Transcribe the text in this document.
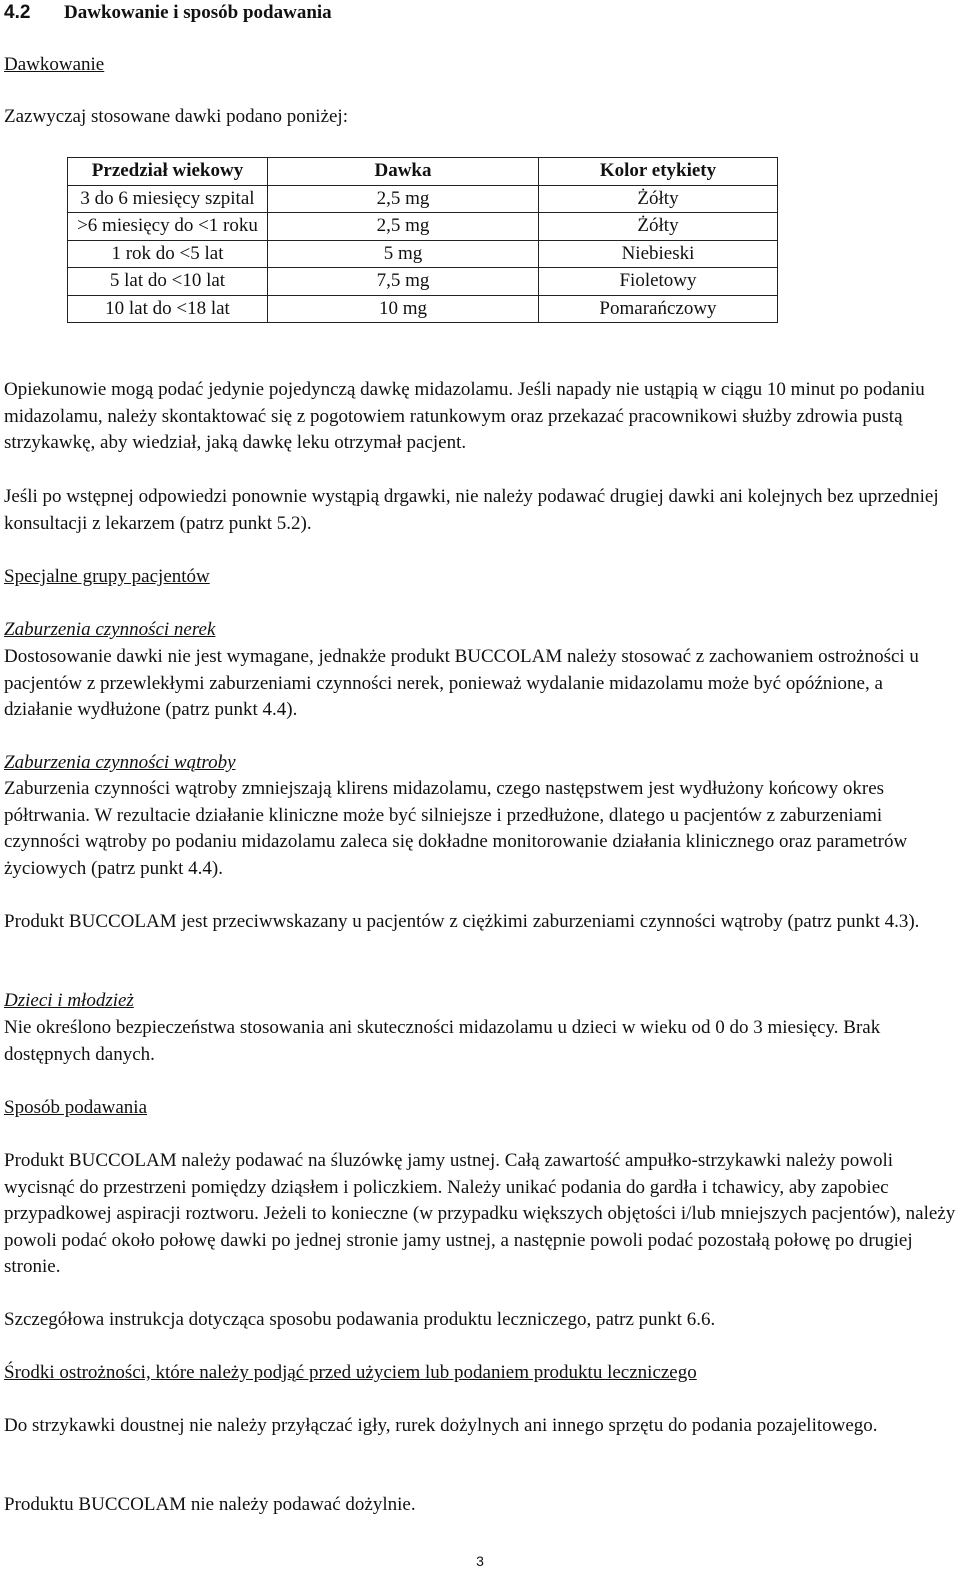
4.2 Dawkowanie i sposób podawania

Dawkowanie

Zazwyczaj stosowane dawki podano poniżej:

Przedział wiekowy	Dawka	Kolor etykiety
3 do 6 miesięcy szpital	2,5 mg	Żółty
>6 miesięcy do <1 roku	2,5 mg	Żółty
1 rok do <5 lat	5 mg	Niebieski
5 lat do <10 lat	7,5 mg	Fioletowy
10 lat do <18 lat	10 mg	Pomarańczowy

Opiekunowie mogą podać jedynie pojedynczą dawkę midazolamu. Jeśli napady nie ustąpią w ciągu 10 minut po podaniu midazolamu, należy skontaktować się z pogotowiem ratunkowym oraz przekazać pracownikowi służby zdrowia pustą strzykawkę, aby wiedział, jaką dawkę leku otrzymał pacjent.

Jeśli po wstępnej odpowiedzi ponownie wystąpią drgawki, nie należy podawać drugiej dawki ani kolejnych bez uprzedniej konsultacji z lekarzem (patrz punkt 5.2).

Specjalne grupy pacjentów

Zaburzenia czynności nerek

Dostosowanie dawki nie jest wymagane, jednakże produkt BUCCOLAM należy stosować z zachowaniem ostrożności u pacjentów z przewlekłymi zaburzeniami czynności nerek, ponieważ wydalanie midazolamu może być opóźnione, a działanie wydłużone (patrz punkt 4.4).

Zaburzenia czynności wątroby

Zaburzenia czynności wątroby zmniejszają klirens midazolamu, czego następstwem jest wydłużony końcowy okres półtrwania. W rezultacie działanie kliniczne może być silniejsze i przedłużone, dlatego u pacjentów z zaburzeniami czynności wątroby po podaniu midazolamu zaleca się dokładne monitorowanie działania klinicznego oraz parametrów życiowych (patrz punkt 4.4).

Produkt BUCCOLAM jest przeciwwskazany u pacjentów z ciężkimi zaburzeniami czynności wątroby (patrz punkt 4.3).

Dzieci i młodzież

Nie określono bezpieczeństwa stosowania ani skuteczności midazolamu u dzieci w wieku od 0 do 3 miesięcy. Brak dostępnych danych.

Sposób podawania

Produkt BUCCOLAM należy podawać na śluzówkę jamy ustnej. Całą zawartość ampułko-strzykawki należy powoli wycisnąć do przestrzeni pomiędzy dziąsłem i policzkiem. Należy unikać podania do gardła i tchawicy, aby zapobiec przypadkowej aspiracji roztworu. Jeżeli to konieczne (w przypadku większych objętości i/lub mniejszych pacjentów), należy powoli podać około połowę dawki po jednej stronie jamy ustnej, a następnie powoli podać pozostałą połowę po drugiej stronie.

Szczegółowa instrukcja dotycząca sposobu podawania produktu leczniczego, patrz punkt 6.6.

Środki ostrożności, które należy podjąć przed użyciem lub podaniem produktu leczniczego

Do strzykawki doustnej nie należy przyłączać igły, rurek dożylnych ani innego sprzętu do podania pozajelitowego.

Produktu BUCCOLAM nie należy podawać dożylnie.

3
